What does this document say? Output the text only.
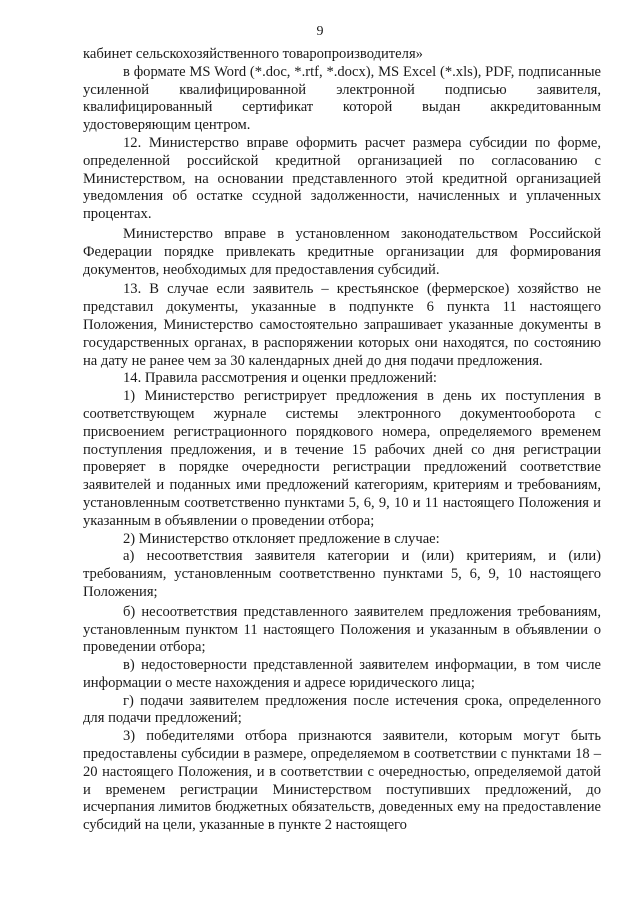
9

кабинет сельскохозяйственного товаропроизводителя»

в формате MS Word (*.doc, *.rtf, *.docx), MS Excel (*.xls), PDF, подписанные усиленной квалифицированной электронной подписью заявителя, квалифицированный сертификат которой выдан аккредитованным удостоверяющим центром.

12. Министерство вправе оформить расчет размера субсидии по форме, определенной российской кредитной организацией по согласованию с Министерством, на основании представленного этой кредитной организацией уведомления об остатке ссудной задолженности, начисленных и уплаченных процентах.

Министерство вправе в установленном законодательством Российской Федерации порядке привлекать кредитные организации для формирования документов, необходимых для предоставления субсидий.

13. В случае если заявитель – крестьянское (фермерское) хозяйство не представил документы, указанные в подпункте 6 пункта 11 настоящего Положения, Министерство самостоятельно запрашивает указанные документы в государственных органах, в распоряжении которых они находятся, по состоянию на дату не ранее чем за 30 календарных дней до дня подачи предложения.

14. Правила рассмотрения и оценки предложений:

1) Министерство регистрирует предложения в день их поступления в соответствующем журнале системы электронного документооборота с присвоением регистрационного порядкового номера, определяемого временем поступления предложения, и в течение 15 рабочих дней со дня регистрации проверяет в порядке очередности регистрации предложений соответствие заявителей и поданных ими предложений категориям, критериям и требованиям, установленным соответственно пунктами 5, 6, 9, 10 и 11 настоящего Положения и указанным в объявлении о проведении отбора;

2) Министерство отклоняет предложение в случае:

а) несоответствия заявителя категории и (или) критериям, и (или) требованиям, установленным соответственно пунктами 5, 6, 9, 10 настоящего Положения;

б) несоответствия представленного заявителем предложения требованиям, установленным пунктом 11 настоящего Положения и указанным в объявлении о проведении отбора;

в) недостоверности представленной заявителем информации, в том числе информации о месте нахождения и адресе юридического лица;

г) подачи заявителем предложения после истечения срока, определенного для подачи предложений;

3) победителями отбора признаются заявители, которым могут быть предоставлены субсидии в размере, определяемом в соответствии с пунктами 18 – 20 настоящего Положения, и в соответствии с очередностью, определяемой датой и временем регистрации Министерством поступивших предложений, до исчерпания лимитов бюджетных обязательств, доведенных ему на предоставление субсидий на цели, указанные в пункте 2 настоящего
